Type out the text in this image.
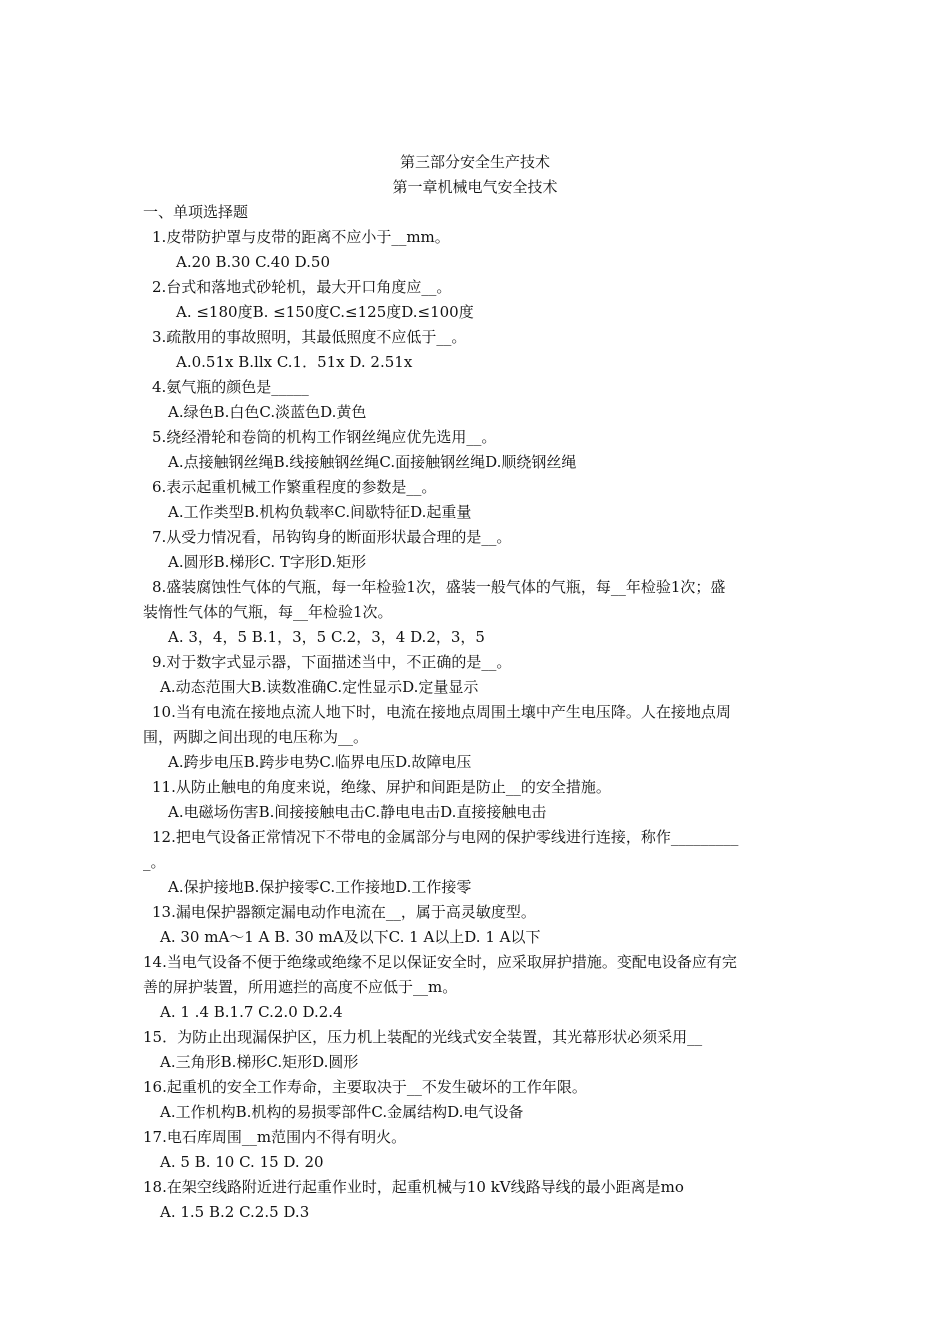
第三部分安全生产技术
第一章机械电气安全技术
一、单项选择题
1.皮带防护罩与皮带的距离不应小于__mm。
A.20 B.30 C.40 D.50
2.台式和落地式砂轮机，最大开口角度应__。
A. ≤180度B. ≤150度C.≤125度D.≤100度
3.疏散用的事故照明，其最低照度不应低于__。
A.0.51x B.llx C.1．51x D. 2.51x
4.氨气瓶的颜色是_____
A.绿色B.白色C.淡蓝色D.黄色
5.绕经滑轮和卷筒的机构工作钢丝绳应优先选用__。
A.点接触钢丝绳B.线接触钢丝绳C.面接触钢丝绳D.顺绕钢丝绳
6.表示起重机械工作繁重程度的参数是__。
A.工作类型B.机构负载率C.间歇特征D.起重量
7.从受力情况看，吊钩钩身的断面形状最合理的是__。
A.圆形B.梯形C. T字形D.矩形
8.盛装腐蚀性气体的气瓶，每一年检验1次，盛装一般气体的气瓶，每__年检验1次；盛
装惰性气体的气瓶，每__年检验1次。
A. 3，4，5 B.1，3，5 C.2，3，4 D.2，3，5
9.对于数字式显示器，下面描述当中，不正确的是__。
A.动态范围大B.读数准确C.定性显示D.定量显示
10.当有电流在接地点流人地下时，电流在接地点周围土壤中产生电压降。人在接地点周
围，两脚之间出现的电压称为__。
A.跨步电压B.跨步电势C.临界电压D.故障电压
11.从防止触电的角度来说，绝缘、屏护和间距是防止__的安全措施。
A.电磁场伤害B.间接接触电击C.静电电击D.直接接触电击
12.把电气设备正常情况下不带电的金属部分与电网的保护零线进行连接，称作_________
_。
A.保护接地B.保护接零C.工作接地D.工作接零
13.漏电保护器额定漏电动作电流在__，属于高灵敏度型。
A. 30 mA～1 A B. 30 mA及以下C. 1 A以上D. 1 A以下
14.当电气设备不便于绝缘或绝缘不足以保证安全时，应采取屏护措施。变配电设备应有完
善的屏护装置，所用遮拦的高度不应低于__m。
A. 1 .4 B.1.7 C.2.0 D.2.4
15．为防止出现漏保护区，压力机上装配的光线式安全装置，其光幕形状必须采用__
A.三角形B.梯形C.矩形D.圆形
16.起重机的安全工作寿命，主要取决于__不发生破坏的工作年限。
A.工作机构B.机构的易损零部件C.金属结构D.电气设备
17.电石库周围__m范围内不得有明火。
A. 5 B. 10 C. 15 D. 20
18.在架空线路附近进行起重作业时，起重机械与10 kV线路导线的最小距离是mo
A. 1.5 B.2 C.2.5 D.3
